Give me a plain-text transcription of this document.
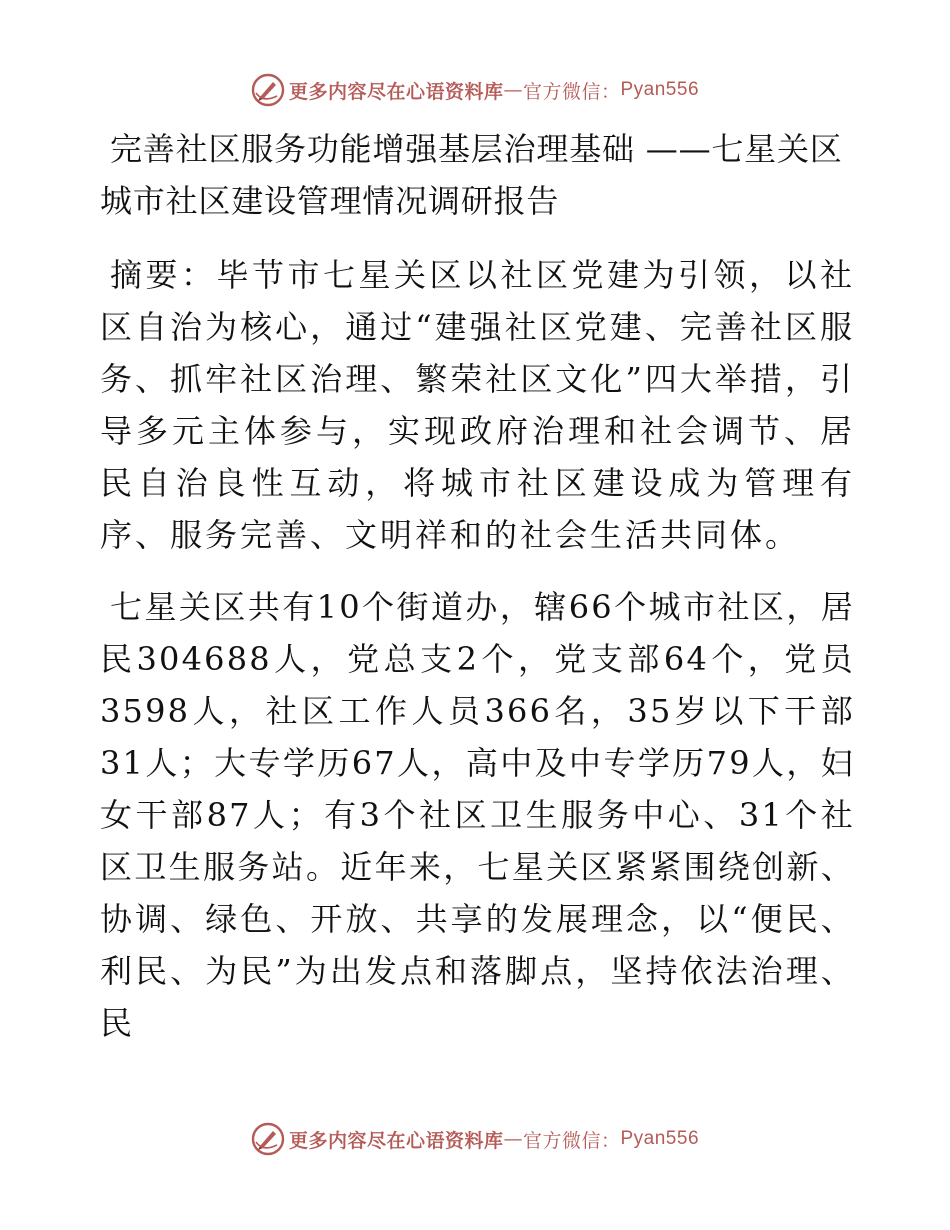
更多内容尽在心语资料库 — 官方微信： Pyan556
完善社区服务功能增强基层治理基础 ——七星关区城市社区建设管理情况调研报告

摘要：毕节市七星关区以社区党建为引领，以社区自治为核心，通过“建强社区党建、完善社区服务、抓牢社区治理、繁荣社区文化”四大举措，引导多元主体参与，实现政府治理和社会调节、居民自治良性互动，将城市社区建设成为管理有序、服务完善、文明祥和的社会生活共同体。

七星关区共有10个街道办，辖66个城市社区，居民304688人，党总支2个，党支部64个，党员3598人，社区工作人员366名，35岁以下干部31人；大专学历67人，高中及中专学历79人，妇女干部87人；有3个社区卫生服务中心、31个社区卫生服务站。近年来，七星关区紧紧围绕创新、协调、绿色、开放、共享的发展理念，以“便民、利民、为民”为出发点和落脚点，坚持依法治理、民

更多内容尽在心语资料库 — 官方微信： Pyan556
